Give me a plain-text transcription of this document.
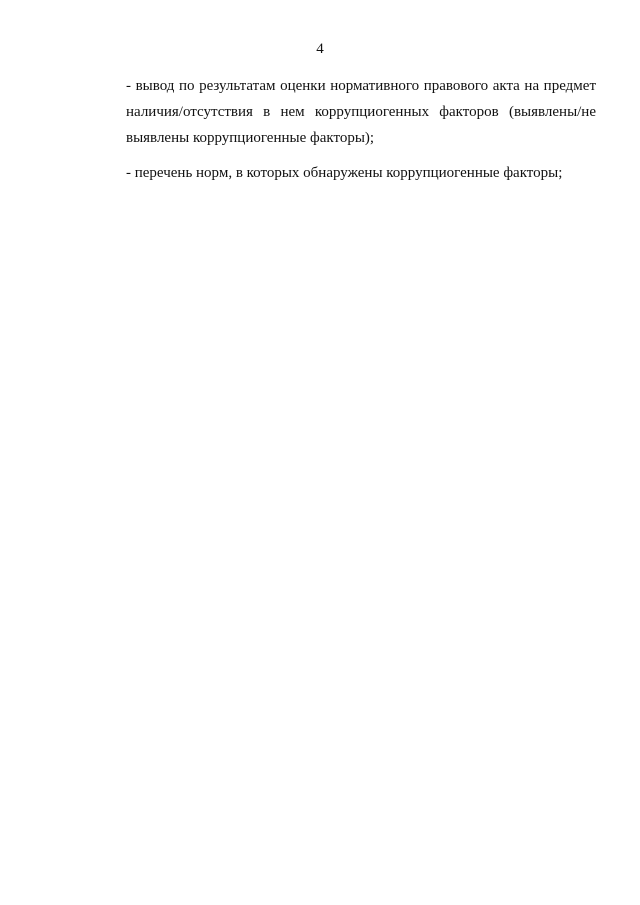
4

- вывод по результатам оценки нормативного правового акта на предмет наличия/отсутствия в нем коррупциогенных факторов (выявлены/не выявлены коррупциогенные факторы);

- перечень норм, в которых обнаружены коррупциогенные факторы;
